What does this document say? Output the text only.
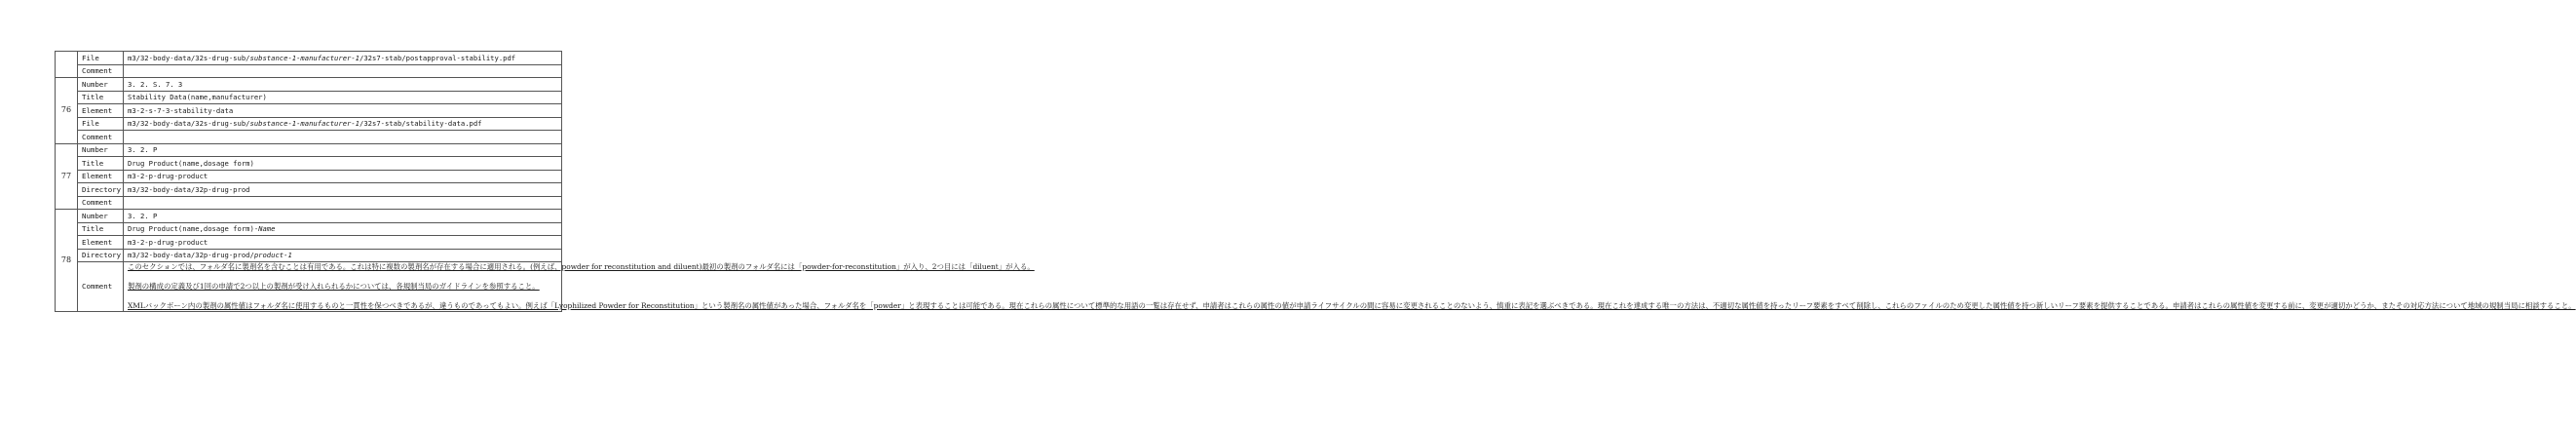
	File	m3/32-body-data/32s-drug-sub/substance-1-manufacturer-1/32s7-stab/postapproval-stability.pdf
	Comment	
76	Number	3. 2. S. 7. 3
	Title	Stability Data(name,manufacturer)
	Element	m3-2-s-7-3-stability-data
	File	m3/32-body-data/32s-drug-sub/substance-1-manufacturer-1/32s7-stab/stability-data.pdf
	Comment	
77	Number	3. 2. P
	Title	Drug Product(name,dosage form)
	Element	m3-2-p-drug-product
	Directory	m3/32-body-data/32p-drug-prod
	Comment	
78	Number	3. 2. P
	Title	Drug Product(name,dosage form)-Name
	Element	m3-2-p-drug-product
	Directory	m3/32-body-data/32p-drug-prod/product-1
	Comment	このセクションでは、フォルダ名に製剤名を含むことは有用である。これは特に複数の製剤名が存在する場合に適用される。(例えば、powder for reconstitution and diluent)最初の製剤のフォルダ名には「powder-for-reconstitution」が入り、2つ目には「diluent」が入る。

製剤の構成の定義及び1回の申請で2つ以上の製剤が受け入れられるかについては、各規制当局のガイドラインを参照すること。

XMLバックボーン内の製剤の属性値はフォルダ名に使用するものと一貫性を保つべきであるが、違うものであってもよい。例えば「Lyophilized Powder for Reconstitution」という製剤名の属性値があった場合、フォルダ名を「powder」と表現することは可能である。現在これらの属性について標準的な用語の一覧は存在せず、申請者はこれらの属性の値が申請ライフサイクルの間に容易に変更されることのないよう、慎重に表記を選ぶべきである。現在これを達成する唯一の方法は、不適切な属性値を持ったリーフ要素をすべて削除し、これらのファイルのため変更した属性値を持つ新しいリーフ要素を提供することである。申請者はこれらの属性値を変更する前に、変更が適切かどうか、またその対応方法について地域の規制当局に相談すること。
